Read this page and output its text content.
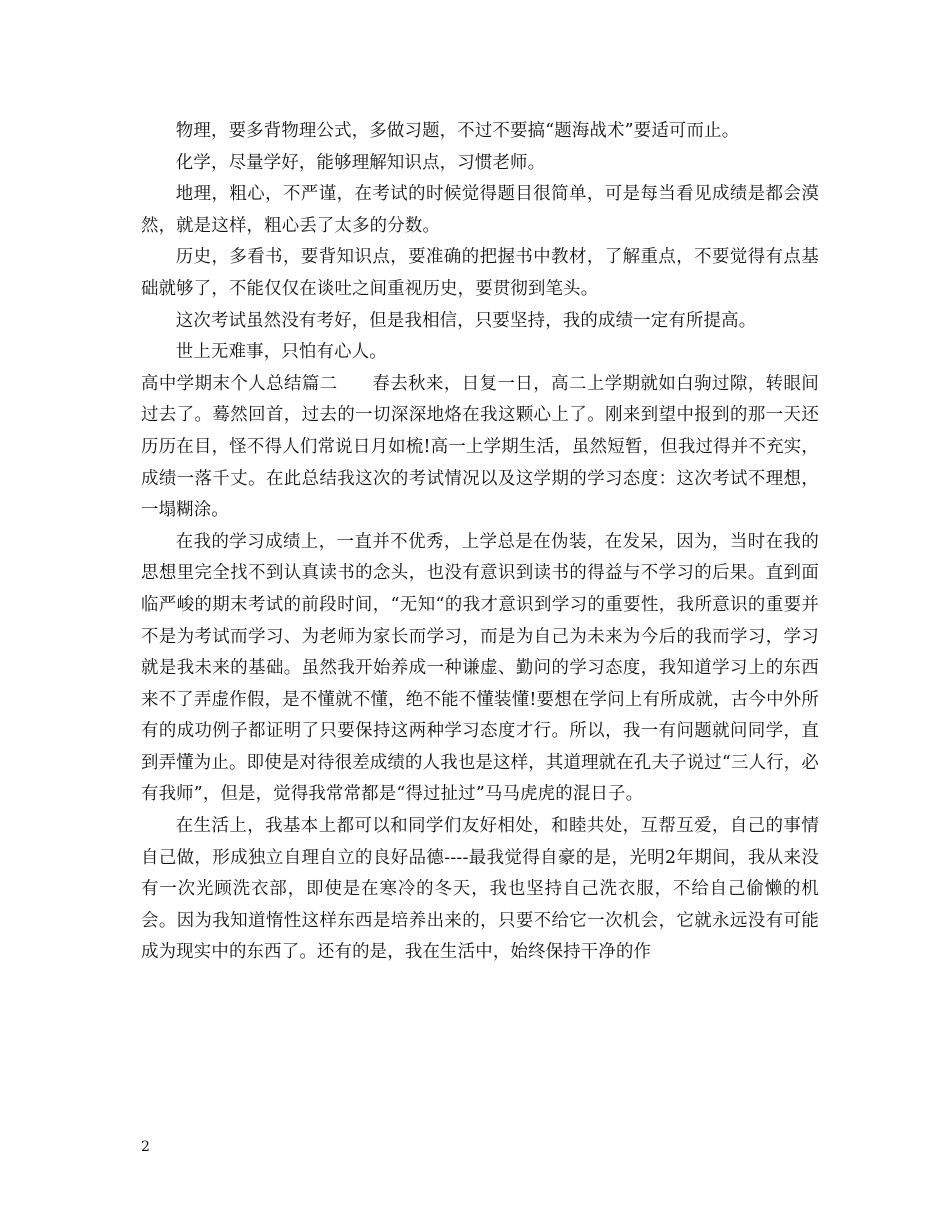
物理，要多背物理公式，多做习题，不过不要搞“题海战术”要适可而止。

化学，尽量学好，能够理解知识点，习惯老师。

地理，粗心，不严谨，在考试的时候觉得题目很简单，可是每当看见成绩是都会漠然，就是这样，粗心丢了太多的分数。

历史，多看书，要背知识点，要准确的把握书中教材，了解重点，不要觉得有点基础就够了，不能仅仅在谈吐之间重视历史，要贯彻到笔头。

这次考试虽然没有考好，但是我相信，只要坚持，我的成绩一定有所提高。

世上无难事，只怕有心人。

高中学期末个人总结篇二 春去秋来，日复一日，高二上学期就如白驹过隙，转眼间过去了。蓦然回首，过去的一切深深地烙在我这颗心上了。刚来到望中报到的那一天还历历在目，怪不得人们常说日月如梳!高一上学期生活，虽然短暂，但我过得并不充实，成绩一落千丈。在此总结我这次的考试情况以及这学期的学习态度：这次考试不理想，一塌糊涂。

在我的学习成绩上，一直并不优秀，上学总是在伪装，在发呆，因为，当时在我的思想里完全找不到认真读书的念头，也没有意识到读书的得益与不学习的后果。直到面临严峻的期末考试的前段时间，“无知“的我才意识到学习的重要性，我所意识的重要并不是为考试而学习、为老师为家长而学习，而是为自己为未来为今后的我而学习，学习就是我未来的基础。虽然我开始养成一种谦虚、勤问的学习态度，我知道学习上的东西来不了弄虚作假，是不懂就不懂，绝不能不懂装懂!要想在学问上有所成就，古今中外所有的成功例子都证明了只要保持这两种学习态度才行。所以，我一有问题就问同学，直到弄懂为止。即使是对待很差成绩的人我也是这样，其道理就在孔夫子说过“三人行，必有我师”，但是，觉得我常常都是“得过扯过”马马虎虎的混日子。

在生活上，我基本上都可以和同学们友好相处，和睦共处，互帮互爱，自己的事情自己做，形成独立自理自立的良好品德----最我觉得自豪的是，光明2年期间，我从来没有一次光顾洗衣部，即使是在寒冷的冬天，我也坚持自己洗衣服，不给自己偷懒的机会。因为我知道惰性这样东西是培养出来的，只要不给它一次机会，它就永远没有可能成为现实中的东西了。还有的是，我在生活中，始终保持干净的作

2
